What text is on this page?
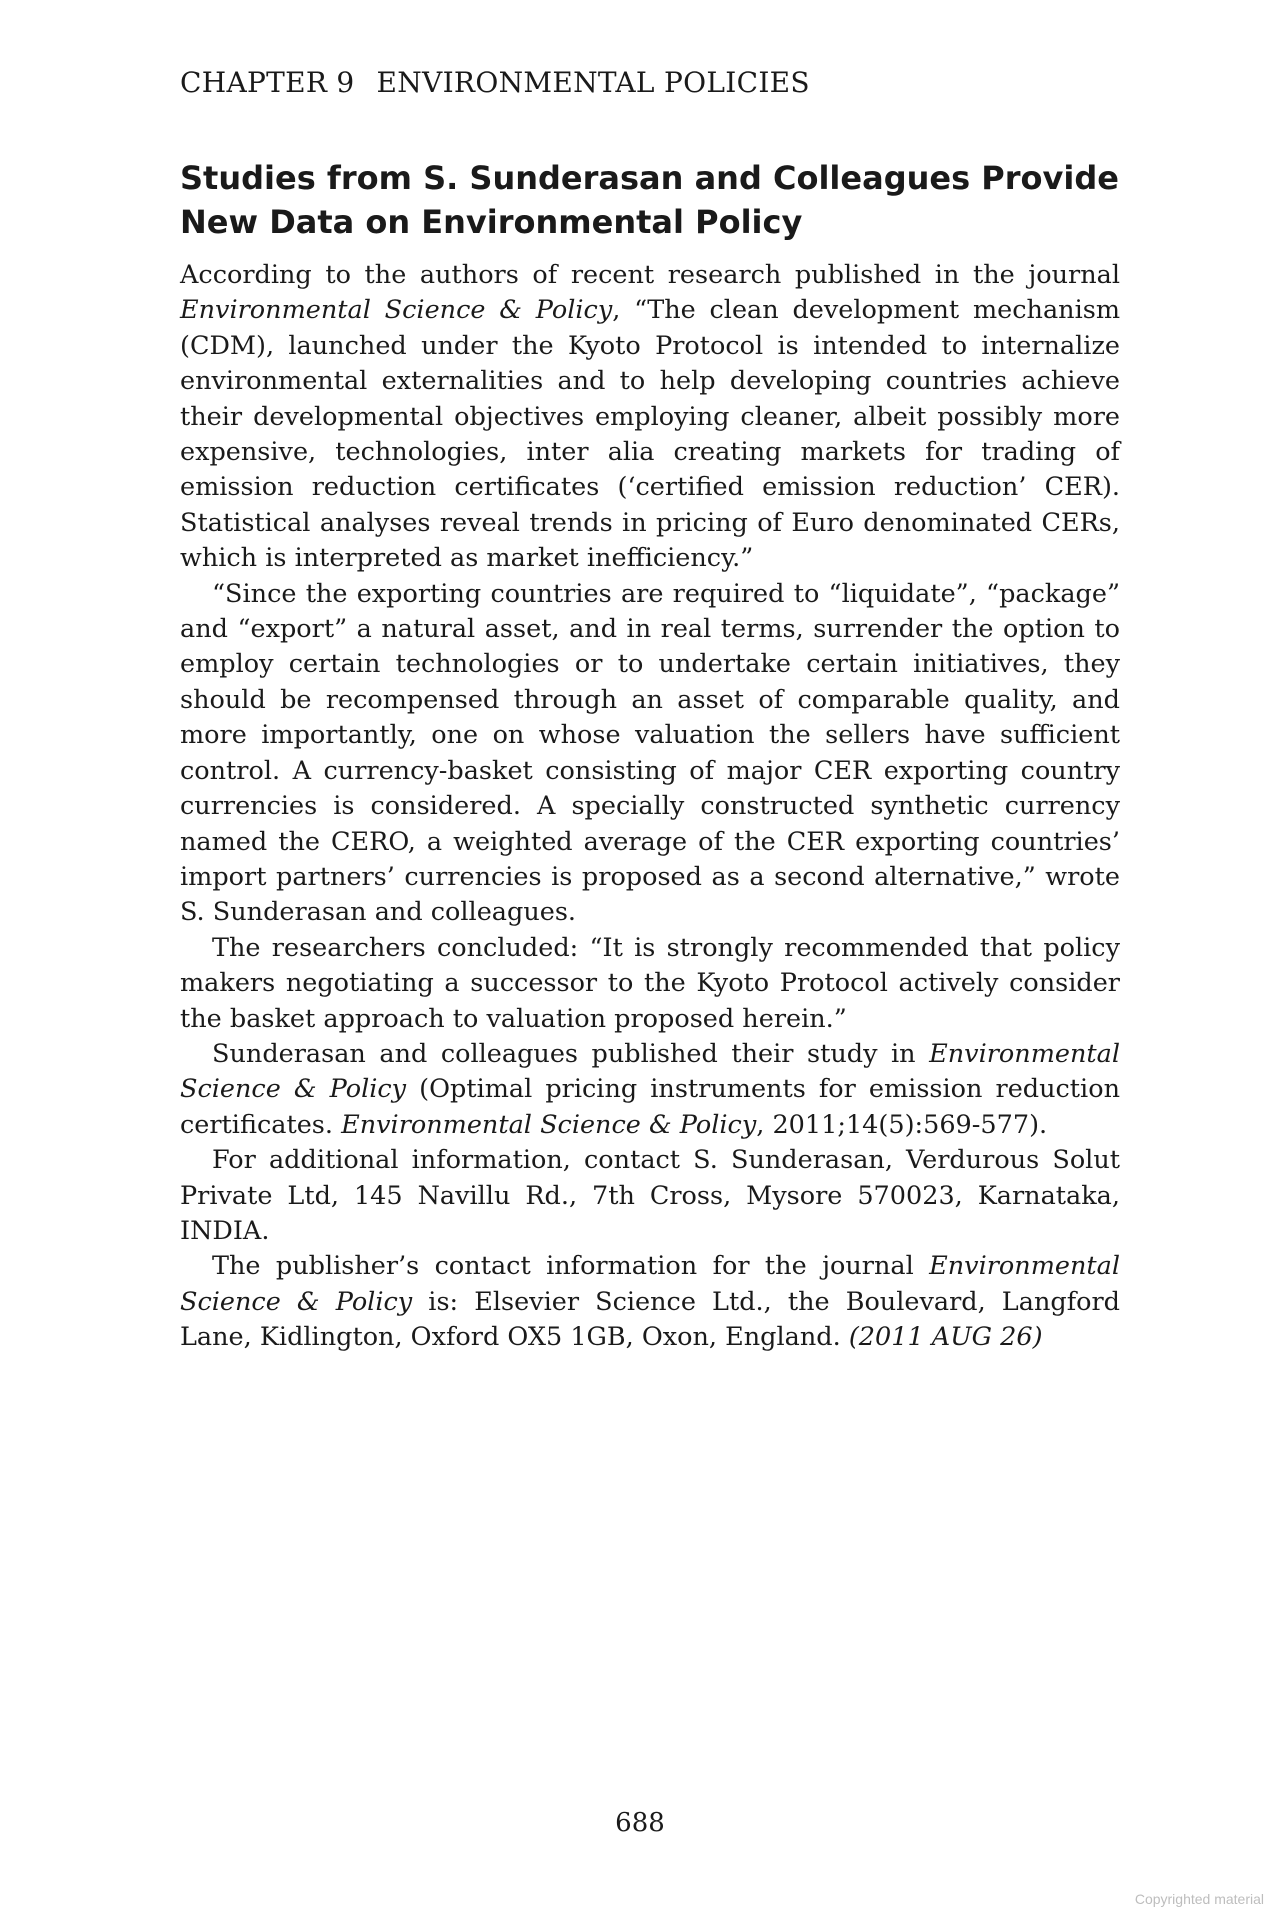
CHAPTER 9 ENVIRONMENTAL POLICIES
Studies from S. Sunderasan and Colleagues Provide New Data on Environmental Policy

According to the authors of recent research published in the journal Environmental Science & Policy, “The clean development mechanism (CDM), launched under the Kyoto Protocol is intended to internalize environmental externalities and to help developing countries achieve their developmental objectives employing cleaner, albeit possibly more expensive, technologies, inter alia creating markets for trading of emission reduction certificates (‘certified emission reduction’ CER). Statistical analyses reveal trends in pricing of Euro denominated CERs, which is interpreted as market inefficiency.”

“Since the exporting countries are required to “liquidate”, “package” and “export” a natural asset, and in real terms, surrender the option to employ certain technologies or to undertake certain initiatives, they should be recompensed through an asset of comparable quality, and more importantly, one on whose valuation the sellers have sufficient control. A currency-basket consisting of major CER exporting country currencies is considered. A specially constructed synthetic currency named the CERO, a weighted average of the CER exporting countries’ import partners’ currencies is proposed as a second alternative,” wrote S. Sunderasan and colleagues.

The researchers concluded: “It is strongly recommended that policy makers negotiating a successor to the Kyoto Protocol actively consider the basket approach to valuation proposed herein.”

Sunderasan and colleagues published their study in Environmental Science & Policy (Optimal pricing instruments for emission reduction certificates. Environmental Science & Policy, 2011;14(5):569-577).

For additional information, contact S. Sunderasan, Verdurous Solut Private Ltd, 145 Navillu Rd., 7th Cross, Mysore 570023, Karnataka, INDIA.

The publisher’s contact information for the journal Environmental Science & Policy is: Elsevier Science Ltd., the Boulevard, Langford Lane, Kidlington, Oxford OX5 1GB, Oxon, England. (2011 AUG 26)

688
Copyrighted material
